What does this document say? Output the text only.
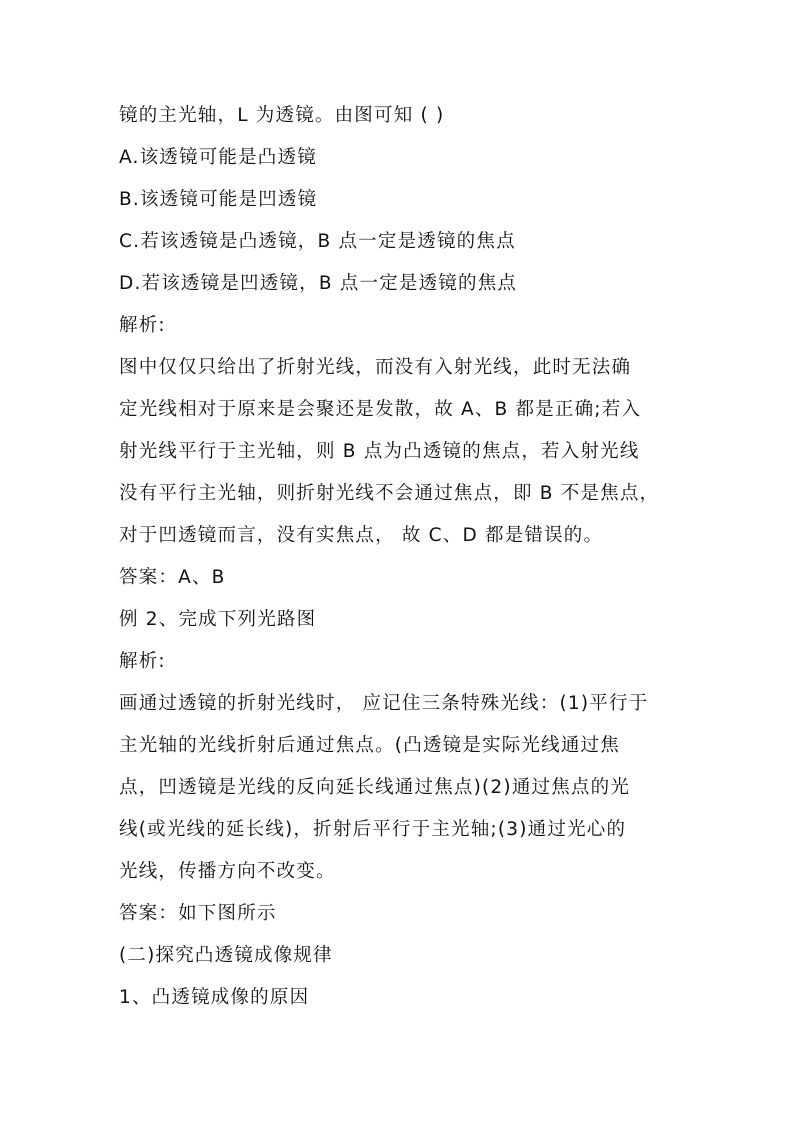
镜的主光轴，L 为透镜。由图可知 ( )
A.该透镜可能是凸透镜
B.该透镜可能是凹透镜
C.若该透镜是凸透镜，B 点一定是透镜的焦点
D.若该透镜是凹透镜，B 点一定是透镜的焦点
解析:
图中仅仅只给出了折射光线，而没有入射光线，此时无法确
定光线相对于原来是会聚还是发散，故 A、B 都是正确;若入
射光线平行于主光轴，则 B 点为凸透镜的焦点，若入射光线
没有平行主光轴，则折射光线不会通过焦点，即 B 不是焦点，
对于凹透镜而言，没有实焦点， 故 C、D 都是错误的。
答案：A、B
例 2、完成下列光路图
解析:
画通过透镜的折射光线时， 应记住三条特殊光线：(1)平行于
主光轴的光线折射后通过焦点。(凸透镜是实际光线通过焦
点，凹透镜是光线的反向延长线通过焦点)(2)通过焦点的光
线(或光线的延长线)，折射后平行于主光轴;(3)通过光心的
光线，传播方向不改变。
答案：如下图所示
(二)探究凸透镜成像规律
1、凸透镜成像的原因
